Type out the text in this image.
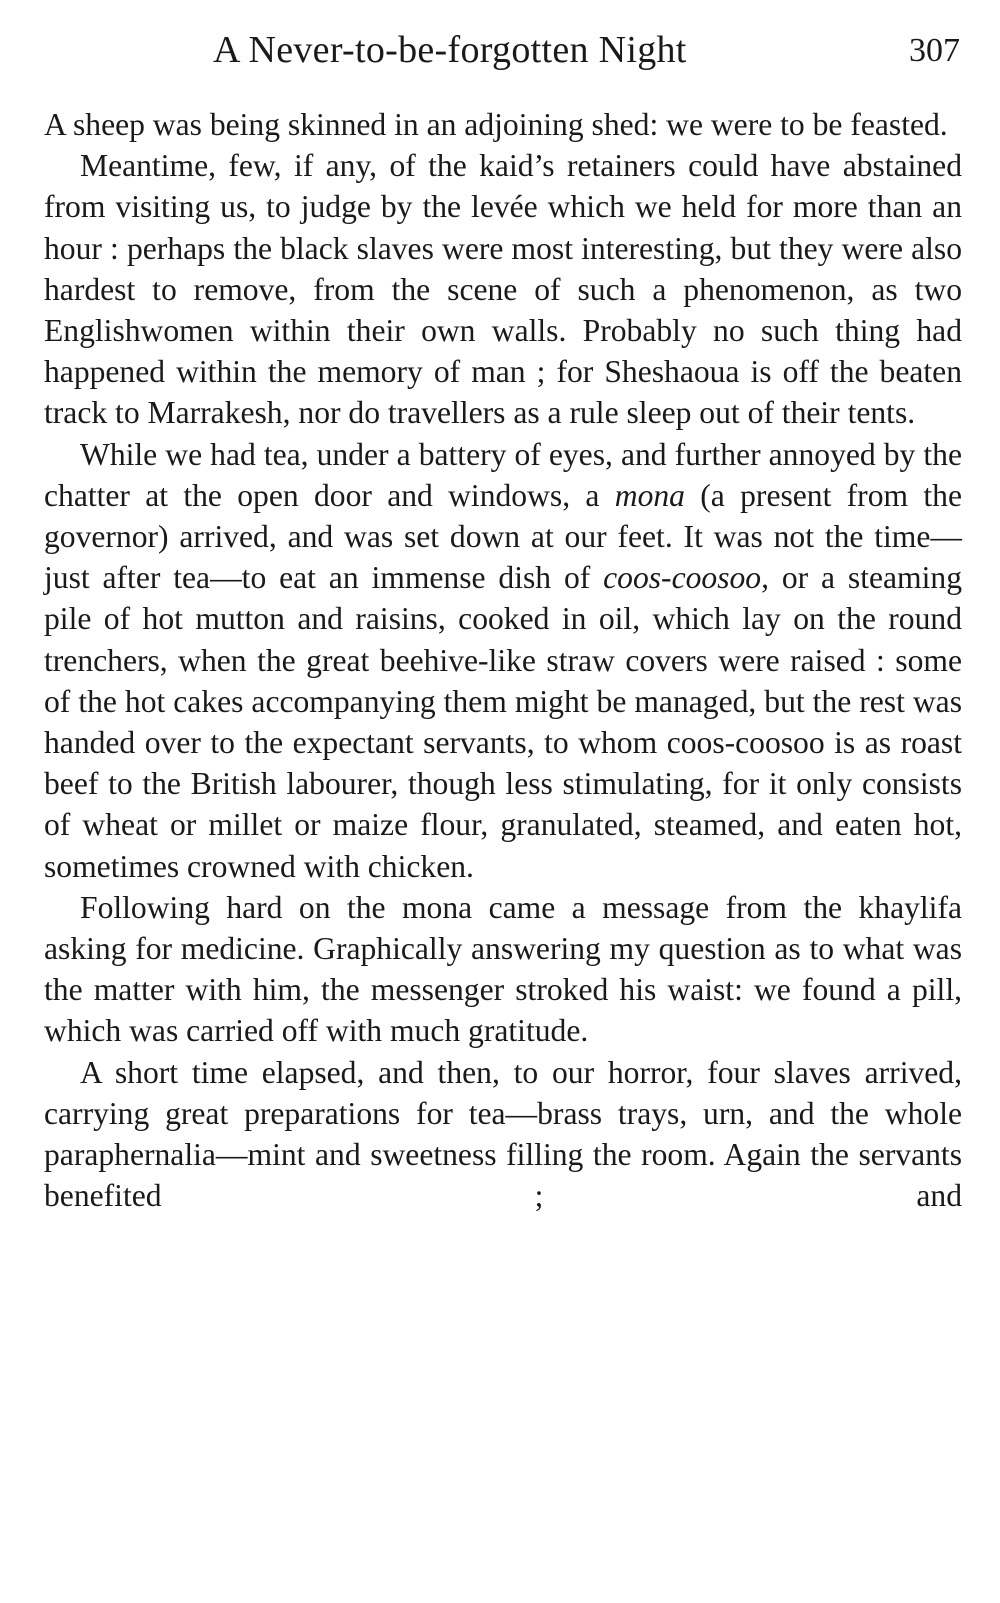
A Never-to-be-forgotten Night	307

A sheep was being skinned in an adjoining shed: we were to be feasted.

Meantime, few, if any, of the kaid’s retainers could have abstained from visiting us, to judge by the levée which we held for more than an hour : perhaps the black slaves were most interesting, but they were also hardest to remove, from the scene of such a phenomenon, as two Englishwomen within their own walls. Probably no such thing had happened within the memory of man ; for Sheshaoua is off the beaten track to Marrakesh, nor do travellers as a rule sleep out of their tents.

While we had tea, under a battery of eyes, and further annoyed by the chatter at the open door and windows, a mona (a present from the governor) arrived, and was set down at our feet. It was not the time—just after tea—to eat an immense dish of coos-coosoo, or a steaming pile of hot mutton and raisins, cooked in oil, which lay on the round trenchers, when the great beehive-like straw covers were raised : some of the hot cakes accompanying them might be managed, but the rest was handed over to the expectant servants, to whom coos-coosoo is as roast beef to the British labourer, though less stimulating, for it only consists of wheat or millet or maize flour, granulated, steamed, and eaten hot, sometimes crowned with chicken.

Following hard on the mona came a message from the khaylifa asking for medicine. Graphically answering my question as to what was the matter with him, the messenger stroked his waist: we found a pill, which was carried off with much gratitude.

A short time elapsed, and then, to our horror, four slaves arrived, carrying great preparations for tea—brass trays, urn, and the whole paraphernalia—mint and sweetness filling the room. Again the servants benefited ; and
